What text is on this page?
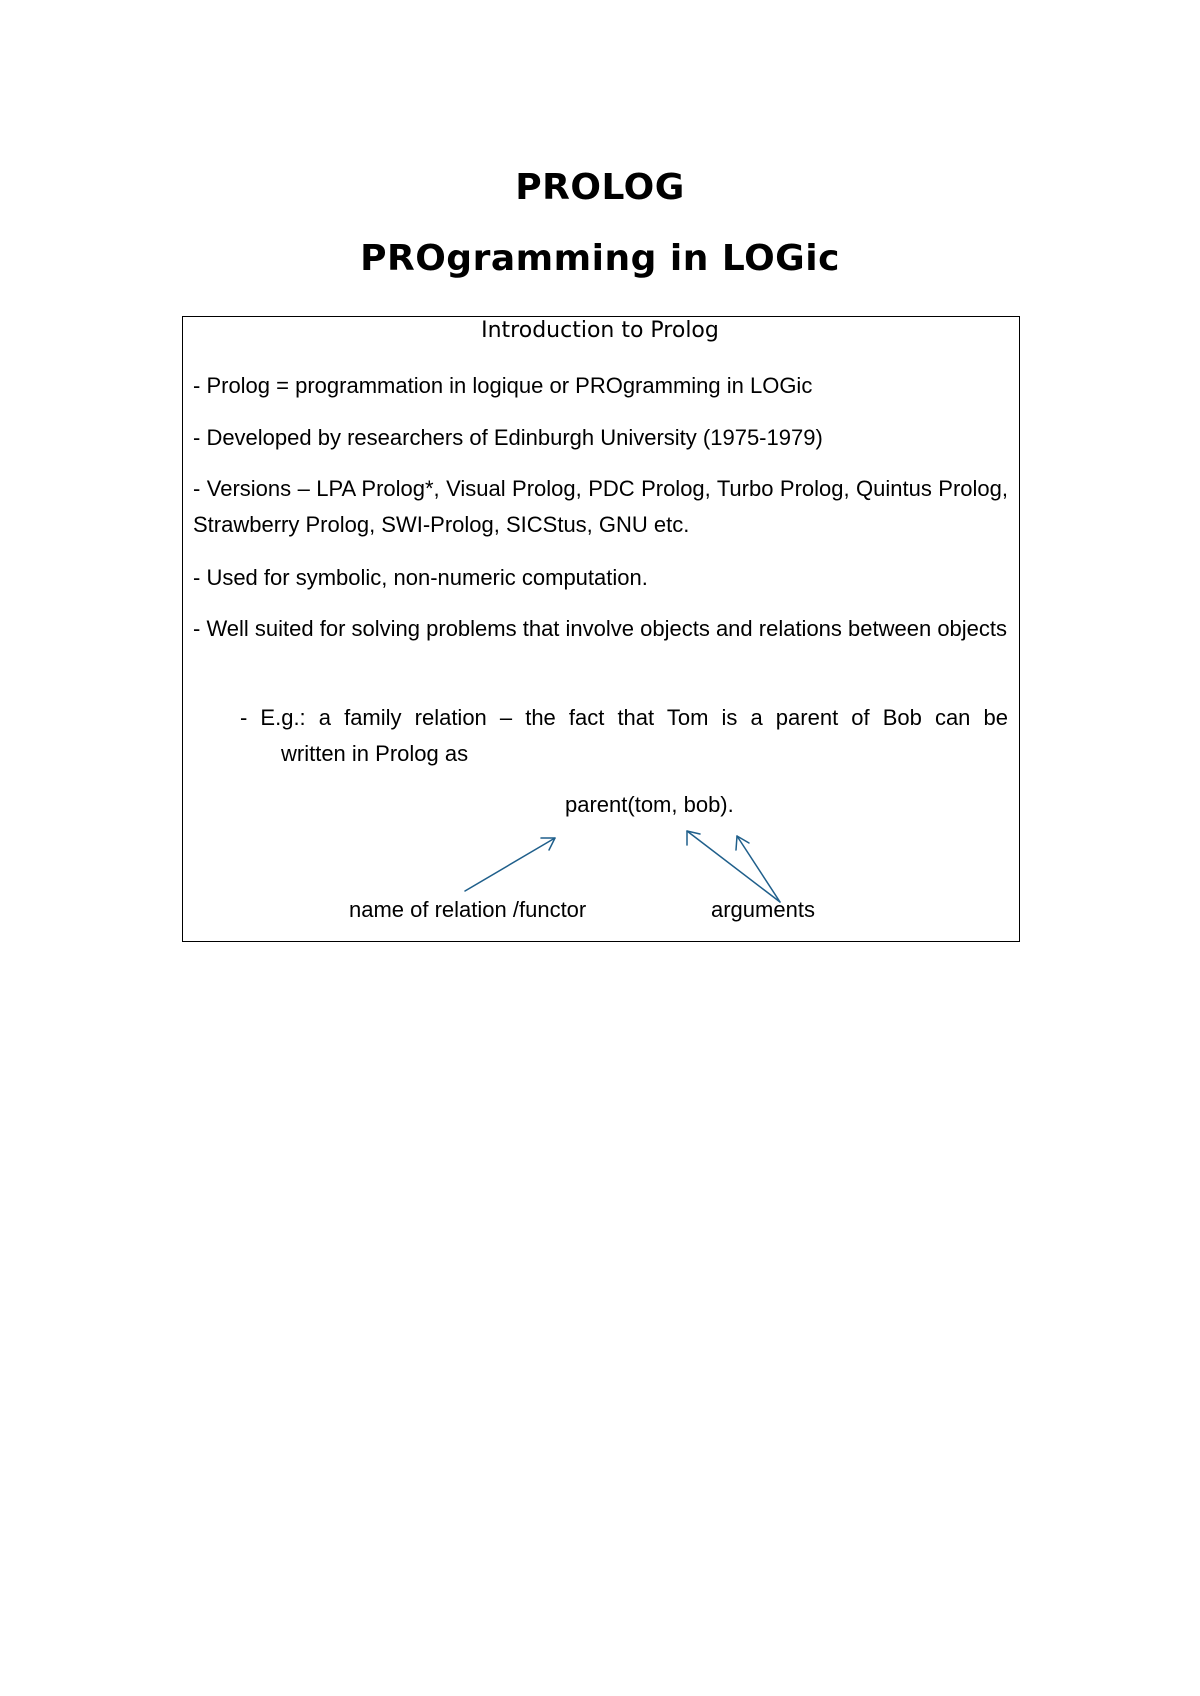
PROLOG
PROgramming in LOGic
Introduction to Prolog

- Prolog = programmation in logique or PROgramming in LOGic

- Developed by researchers of Edinburgh University (1975-1979)

- Versions – LPA Prolog*, Visual Prolog, PDC Prolog, Turbo Prolog, Quintus Prolog, Strawberry Prolog, SWI-Prolog, SICStus, GNU etc.

- Used for symbolic, non-numeric computation.

- Well suited for solving problems that involve objects and relations between objects

- E.g.: a family relation – the fact that Tom is a parent of Bob can be
written in Prolog as
parent(tom, bob).
name of relation /functor	arguments
